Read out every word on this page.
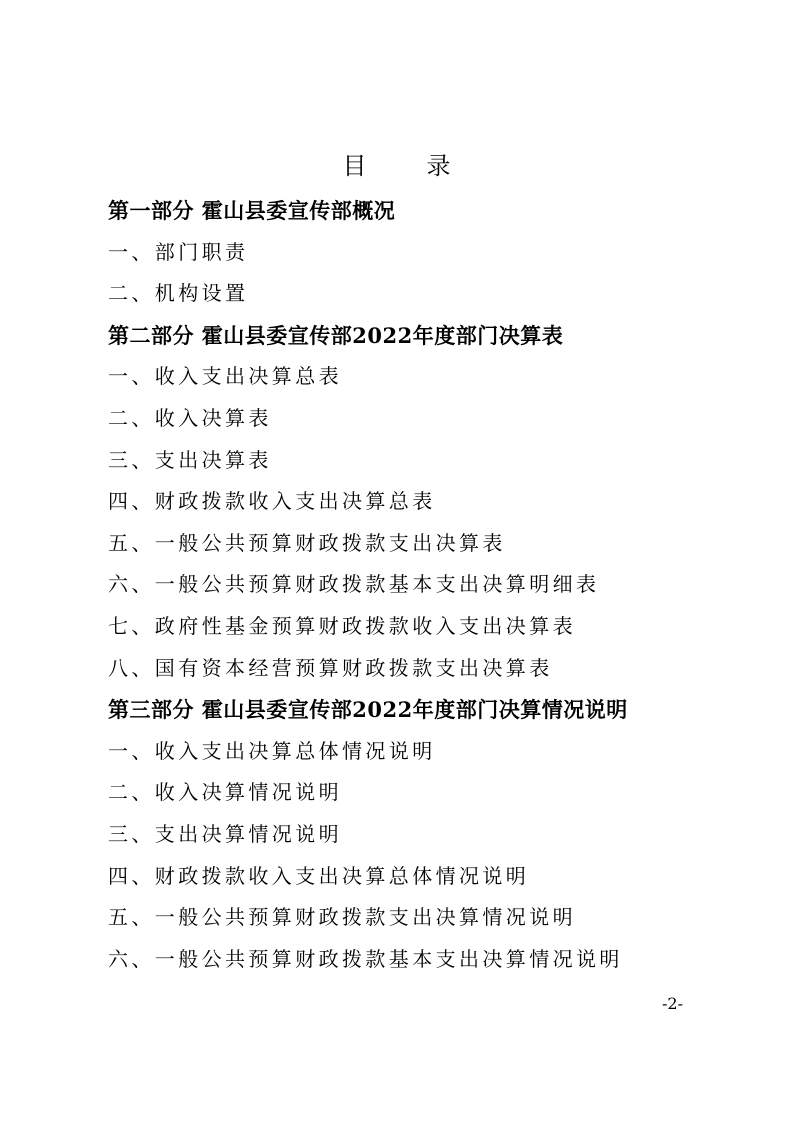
目　录
第一部分 霍山县委宣传部概况
一、部门职责
二、机构设置
第二部分 霍山县委宣传部2022年度部门决算表
一、收入支出决算总表
二、收入决算表
三、支出决算表
四、财政拨款收入支出决算总表
五、一般公共预算财政拨款支出决算表
六、一般公共预算财政拨款基本支出决算明细表
七、政府性基金预算财政拨款收入支出决算表
八、国有资本经营预算财政拨款支出决算表
第三部分 霍山县委宣传部2022年度部门决算情况说明
一、收入支出决算总体情况说明
二、收入决算情况说明
三、支出决算情况说明
四、财政拨款收入支出决算总体情况说明
五、一般公共预算财政拨款支出决算情况说明
六、一般公共预算财政拨款基本支出决算情况说明
-2-
